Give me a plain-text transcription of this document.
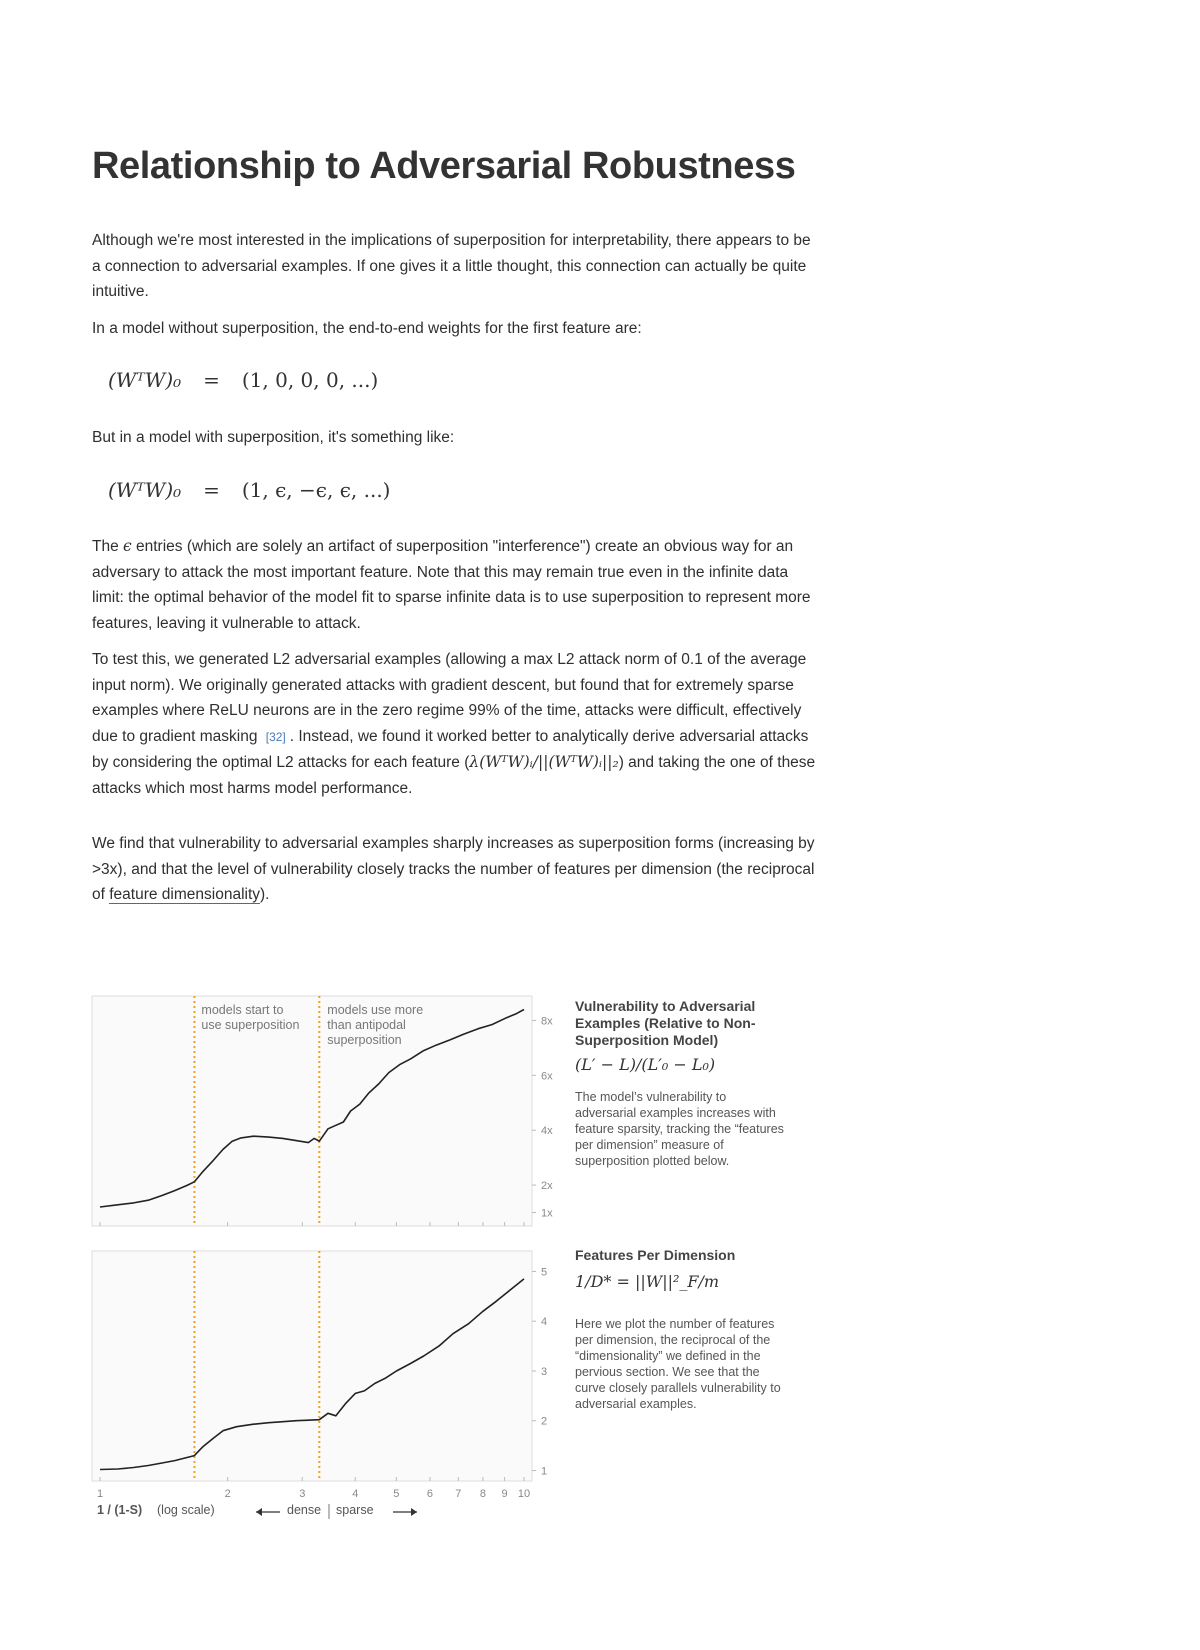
Relationship to Adversarial Robustness

Although we're most interested in the implications of superposition for interpretability, there appears to be a connection to adversarial examples. If one gives it a little thought, this connection can actually be quite intuitive.

In a model without superposition, the end-to-end weights for the first feature are:

(WᵀW)₀ = (1, 0, 0, 0, ...)

But in a model with superposition, it's something like:

(WᵀW)₀ = (1, ϵ, −ϵ, ϵ, ...)

The ϵ entries (which are solely an artifact of superposition "interference") create an obvious way for an adversary to attack the most important feature. Note that this may remain true even in the infinite data limit: the optimal behavior of the model fit to sparse infinite data is to use superposition to represent more features, leaving it vulnerable to attack.

To test this, we generated L2 adversarial examples (allowing a max L2 attack norm of 0.1 of the average input norm). We originally generated attacks with gradient descent, but found that for extremely sparse examples where ReLU neurons are in the zero regime 99% of the time, attacks were difficult, effectively due to gradient masking [32] . Instead, we found it worked better to analytically derive adversarial attacks by considering the optimal L2 attacks for each feature (λ(WᵀW)ᵢ/||(WᵀW)ᵢ||₂) and taking the one of these attacks which most harms model performance.

We find that vulnerability to adversarial examples sharply increases as superposition forms (increasing by >3x), and that the level of vulnerability closely tracks the number of features per dimension (the reciprocal of feature dimensionality).

1x
2x
4x
6x
8x
1
2
3
4
5
models start to
use superposition
models use more
than antipodal
superposition
1	2	3	4	5 6 7 8 9 10
Vulnerability to Adversarial Examples (Relative to Non-Superposition Model)
(L′ − L)/(L′₀ − L₀)

The model’s vulnerability to adversarial examples increases with feature sparsity, tracking the “features per dimension” measure of superposition plotted below.

Features Per Dimension
1/D* = ||W||²_F/m

Here we plot the number of features per dimension, the reciprocal of the “dimensionality” we defined in the pervious section. We see that the curve closely parallels vulnerability to adversarial examples.

1 / (1-S) (log scale)	dense sparse
